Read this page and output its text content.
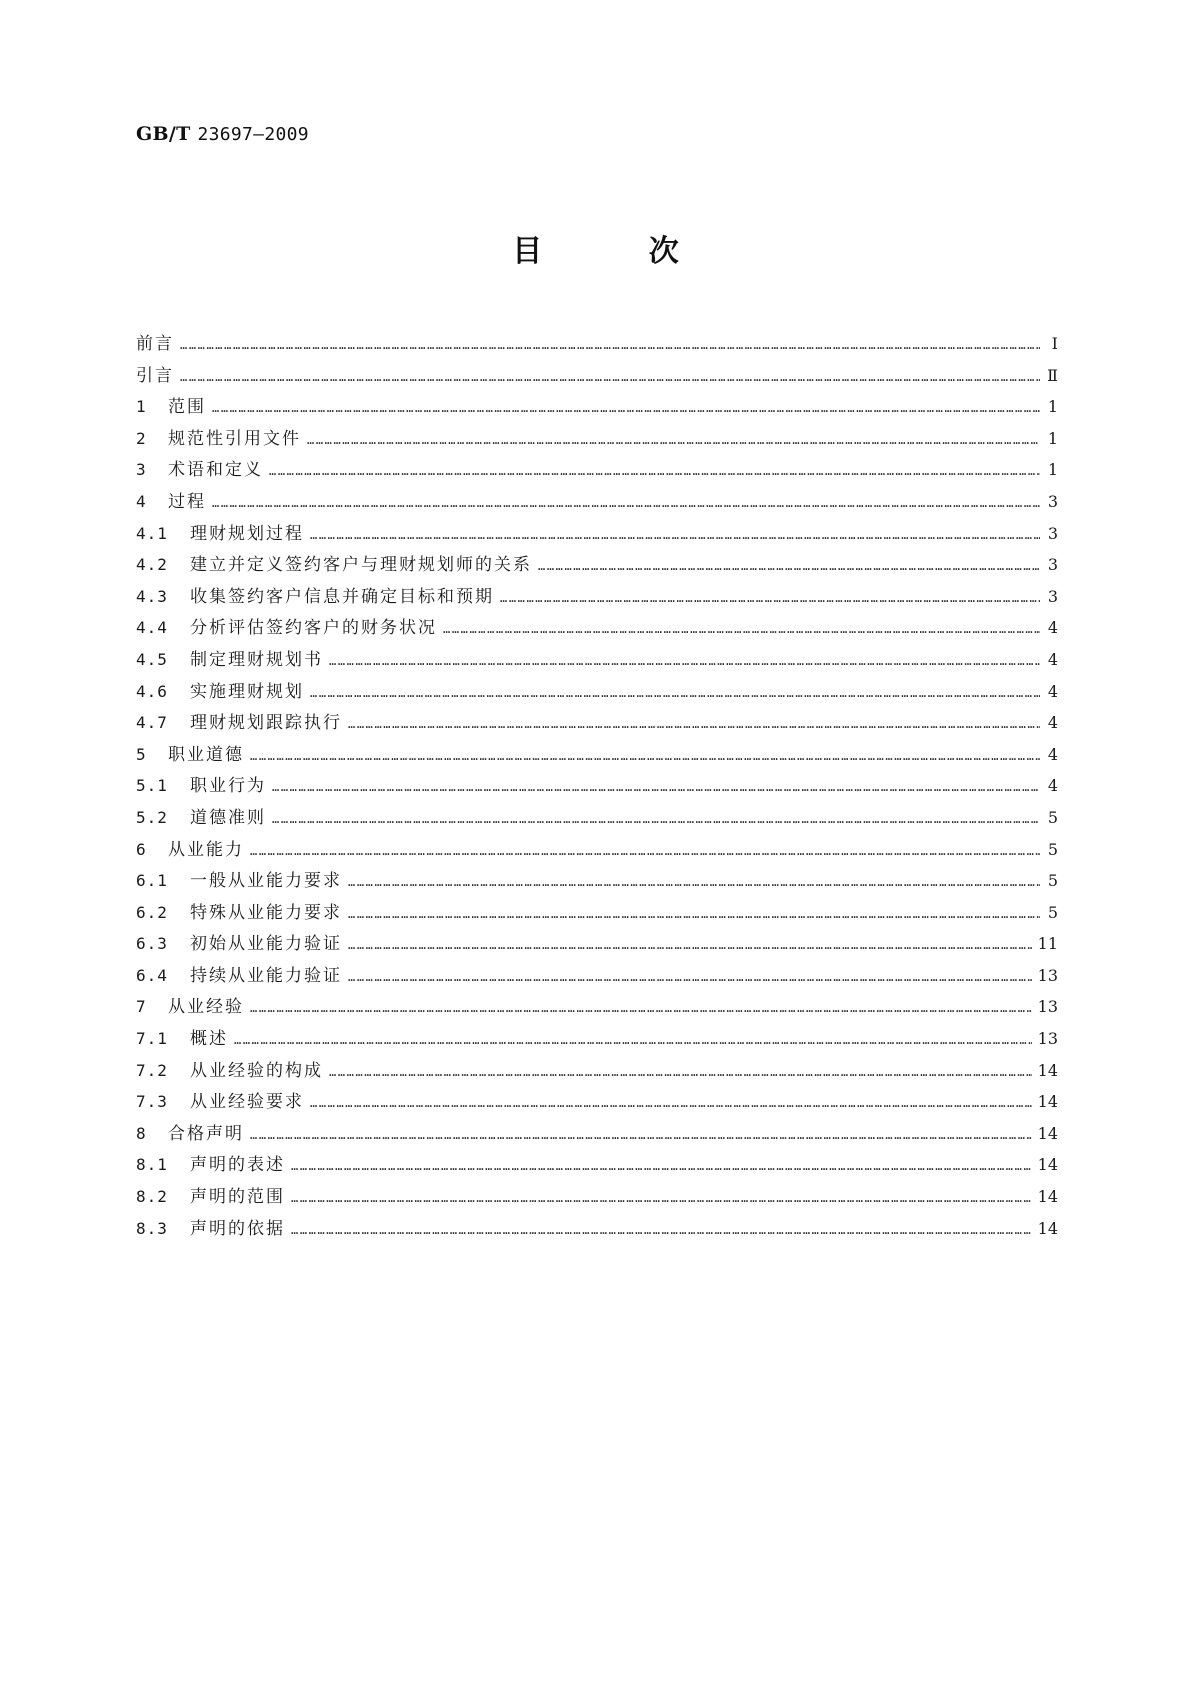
GB/T 23697—2009
目 次
前言 ……………………………………………………………………………………………………………………………………………………………………………………………………………………………………………………………………………………………………	Ⅰ
引言 ……………………………………………………………………………………………………………………………………………………………………………………………………………………………………………………………………………………………………	Ⅱ
1	范围 ……………………………………………………………………………………………………………………………………………………………………………………………………………………………………………………………………………………………………	1
2	规范性引用文件 ……………………………………………………………………………………………………………………………………………………………………………………………………………………………………………………………………………………………………	1
3	术语和定义 ……………………………………………………………………………………………………………………………………………………………………………………………………………………………………………………………………………………………………	1
4	过程 ……………………………………………………………………………………………………………………………………………………………………………………………………………………………………………………………………………………………………	3
4.1	理财规划过程 ……………………………………………………………………………………………………………………………………………………………………………………………………………………………………………………………………………………………………	3
4.2	建立并定义签约客户与理财规划师的关系 ……………………………………………………………………………………………………………………………………………………………………………………………………………………………………………………………………………………………………	3
4.3	收集签约客户信息并确定目标和预期 ……………………………………………………………………………………………………………………………………………………………………………………………………………………………………………………………………………………………………	3
4.4	分析评估签约客户的财务状况 ……………………………………………………………………………………………………………………………………………………………………………………………………………………………………………………………………………………………………	4
4.5	制定理财规划书 ……………………………………………………………………………………………………………………………………………………………………………………………………………………………………………………………………………………………………	4
4.6	实施理财规划 ……………………………………………………………………………………………………………………………………………………………………………………………………………………………………………………………………………………………………	4
4.7	理财规划跟踪执行 ……………………………………………………………………………………………………………………………………………………………………………………………………………………………………………………………………………………………………	4
5	职业道德 ……………………………………………………………………………………………………………………………………………………………………………………………………………………………………………………………………………………………………	4
5.1	职业行为 ……………………………………………………………………………………………………………………………………………………………………………………………………………………………………………………………………………………………………	4
5.2	道德准则 ……………………………………………………………………………………………………………………………………………………………………………………………………………………………………………………………………………………………………	5
6	从业能力 ……………………………………………………………………………………………………………………………………………………………………………………………………………………………………………………………………………………………………	5
6.1	一般从业能力要求 ……………………………………………………………………………………………………………………………………………………………………………………………………………………………………………………………………………………………………	5
6.2	特殊从业能力要求 ……………………………………………………………………………………………………………………………………………………………………………………………………………………………………………………………………………………………………	5
6.3	初始从业能力验证 ……………………………………………………………………………………………………………………………………………………………………………………………………………………………………………………………………………………………………	11
6.4	持续从业能力验证 ……………………………………………………………………………………………………………………………………………………………………………………………………………………………………………………………………………………………………	13
7	从业经验 ……………………………………………………………………………………………………………………………………………………………………………………………………………………………………………………………………………………………………	13
7.1	概述 ……………………………………………………………………………………………………………………………………………………………………………………………………………………………………………………………………………………………………	13
7.2	从业经验的构成 ……………………………………………………………………………………………………………………………………………………………………………………………………………………………………………………………………………………………………	14
7.3	从业经验要求 ……………………………………………………………………………………………………………………………………………………………………………………………………………………………………………………………………………………………………	14
8	合格声明 ……………………………………………………………………………………………………………………………………………………………………………………………………………………………………………………………………………………………………	14
8.1	声明的表述 ……………………………………………………………………………………………………………………………………………………………………………………………………………………………………………………………………………………………………	14
8.2	声明的范围 ……………………………………………………………………………………………………………………………………………………………………………………………………………………………………………………………………………………………………	14
8.3	声明的依据 ……………………………………………………………………………………………………………………………………………………………………………………………………………………………………………………………………………………………………	14
